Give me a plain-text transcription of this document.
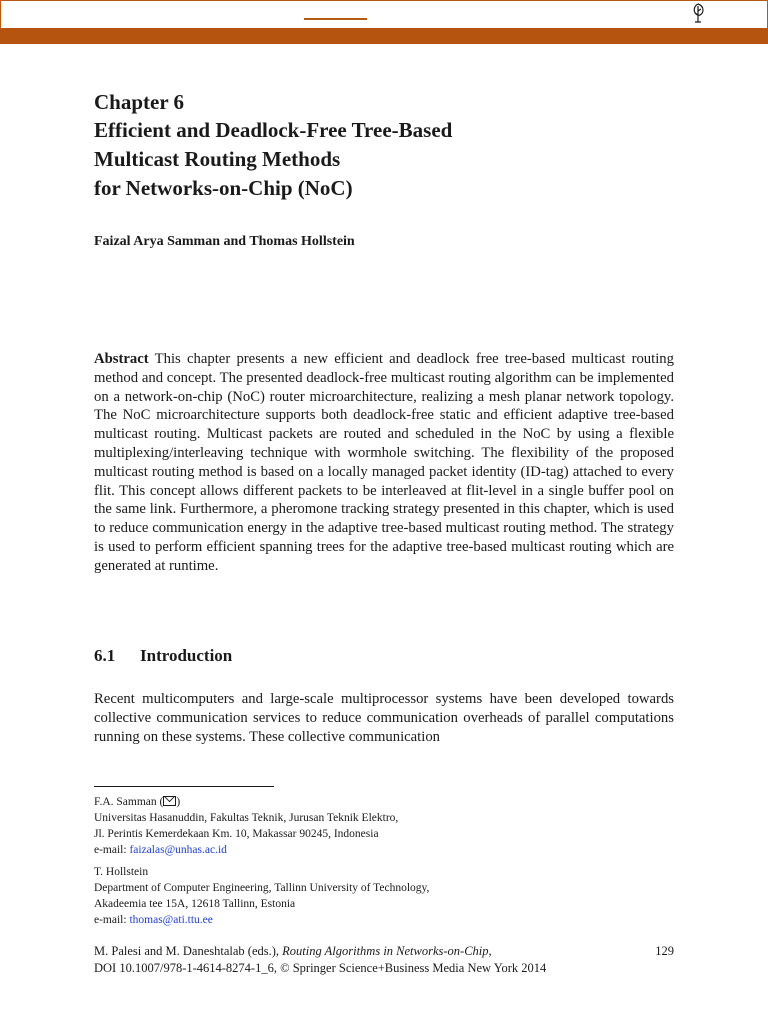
Chapter 6
Efficient and Deadlock-Free Tree-Based
Multicast Routing Methods
for Networks-on-Chip (NoC)
Faizal Arya Samman and Thomas Hollstein

Abstract This chapter presents a new efficient and deadlock free tree-based multicast routing method and concept. The presented deadlock-free multicast routing algorithm can be implemented on a network-on-chip (NoC) router microarchitecture, realizing a mesh planar network topology. The NoC microarchitecture supports both deadlock-free static and efficient adaptive tree-based multicast routing. Multicast packets are routed and scheduled in the NoC by using a flexible multiplexing/interleaving technique with wormhole switching. The flexibility of the proposed multicast routing method is based on a locally managed packet identity (ID-tag) attached to every flit. This concept allows different packets to be interleaved at flit-level in a single buffer pool on the same link. Furthermore, a pheromone tracking strategy presented in this chapter, which is used to reduce communication energy in the adaptive tree-based multicast routing method. The strategy is used to perform efficient spanning trees for the adaptive tree-based multicast routing which are generated at runtime.

6.1 Introduction

Recent multicomputers and large-scale multiprocessor systems have been developed towards collective communication services to reduce communication overheads of parallel computations running on these systems. These collective communication

F.A. Samman ( )
Universitas Hasanuddin, Fakultas Teknik, Jurusan Teknik Elektro,
Jl. Perintis Kemerdekaan Km. 10, Makassar 90245, Indonesia
e-mail: faizalas@unhas.ac.id
T. Hollstein
Department of Computer Engineering, Tallinn University of Technology,
Akadeemia tee 15A, 12618 Tallinn, Estonia
e-mail: thomas@ati.ttu.ee
M. Palesi and M. Daneshtalab (eds.), Routing Algorithms in Networks-on-Chip,	129
DOI 10.1007/978-1-4614-8274-1_6, © Springer Science+Business Media New York 2014
